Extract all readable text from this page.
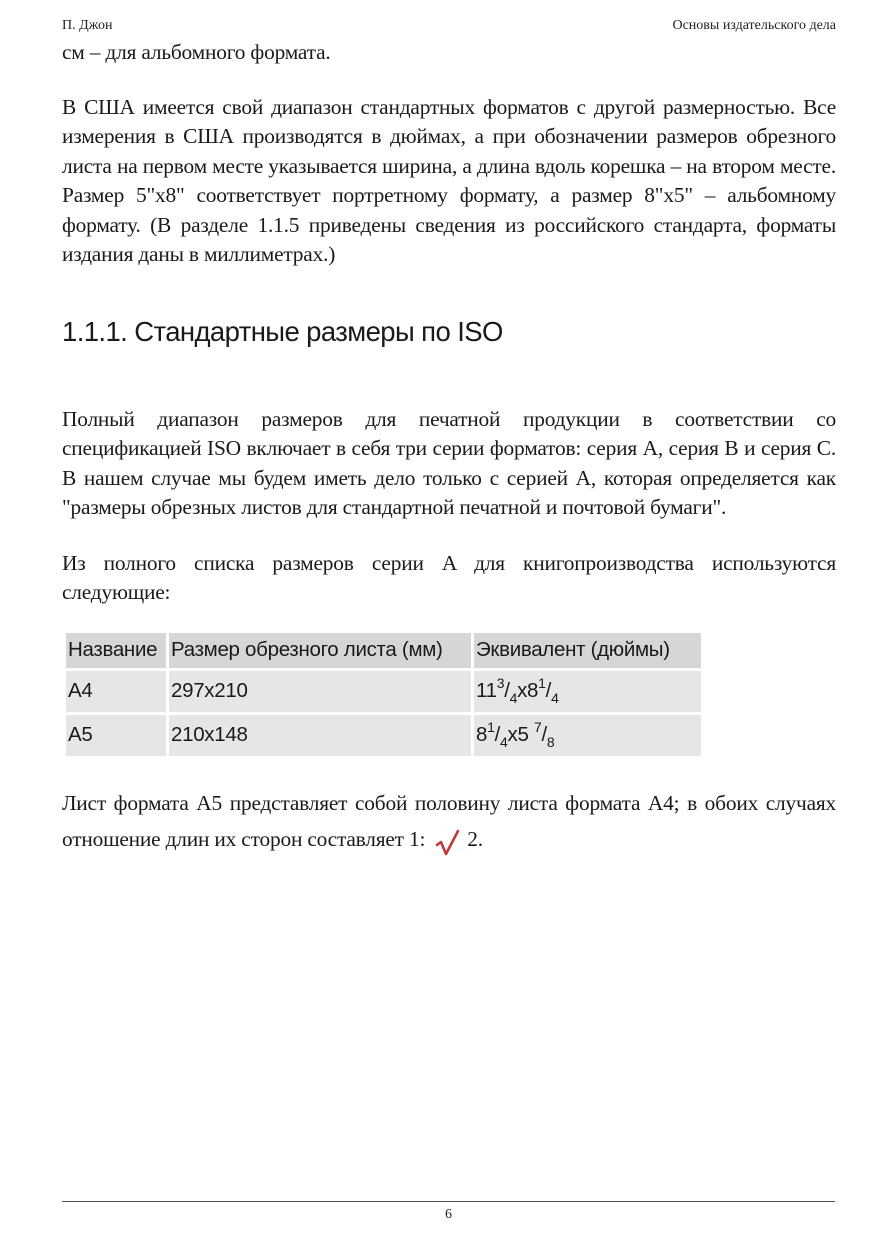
П. Джон	Основы издательского дела

см – для альбомного формата.

В США имеется свой диапазон стандартных форматов с другой размерностью. Все измерения в США производятся в дюймах, а при обозначении размеров обрезного листа на первом месте указывается ширина, а длина вдоль корешка – на втором месте. Размер 5"x8" соответствует портретному формату, а размер 8"x5" – альбомному формату. (В разделе 1.1.5 приведены сведения из российского стандарта, форматы издания даны в миллиметрах.)

1.1.1. Стандартные размеры по ISO

Полный диапазон размеров для печатной продукции в соответствии со спецификацией ISO включает в себя три серии форматов: серия A, серия B и серия C. В нашем случае мы будем иметь дело только с серией A, которая определяется как "размеры обрезных листов для стандартной печатной и почтовой бумаги".

Из полного списка размеров серии A для книгопроизводства используются следующие:

Название	Размер обрезного листа (мм)	Эквивалент (дюймы)
A4	297x210	$11^3/_4x8^1/_4$
A5	210x148	$8^1/_4x5$ $^7/_8$

Лист формата A5 представляет собой половину листа формата A4; в обоих случаях отношение длин их сторон составляет 1: 2.

6
